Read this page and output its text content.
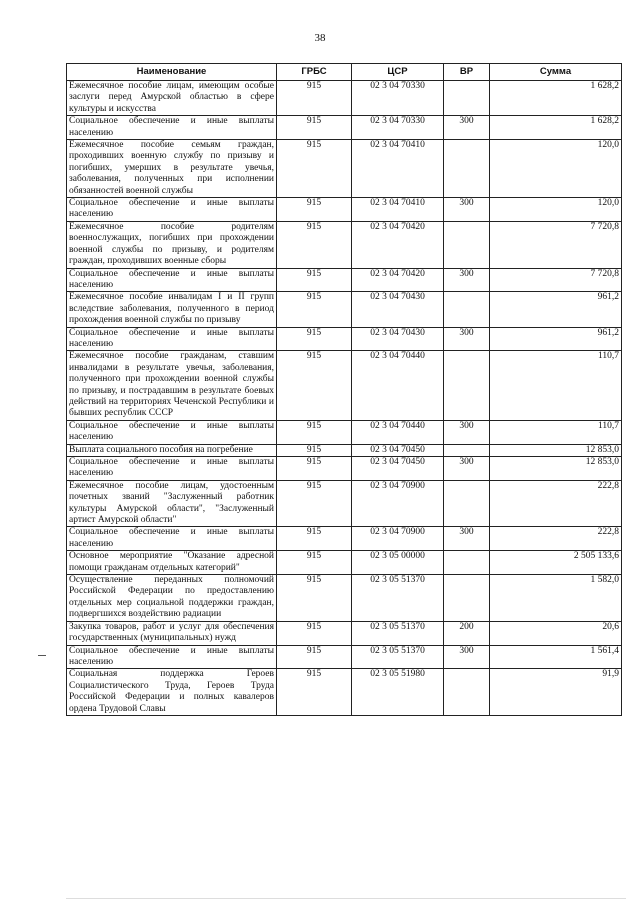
38
Наименование	ГРБС	ЦСР	ВР	Сумма
Ежемесячное пособие лицам, имеющим особые заслуги перед Амурской областью в сфере культуры и искусства	915	02 3 04 70330		1 628,2
Социальное обеспечение и иные выплаты населению	915	02 3 04 70330	300	1 628,2
Ежемесячное пособие семьям граждан, проходивших военную службу по призыву и погибших, умерших в результате увечья, заболевания, полученных при исполнении обязанностей военной службы	915	02 3 04 70410		120,0
Социальное обеспечение и иные выплаты населению	915	02 3 04 70410	300	120,0
Ежемесячное пособие родителям военнослужащих, погибших при прохождении военной службы по призыву, и родителям граждан, проходивших военные сборы	915	02 3 04 70420		7 720,8
Социальное обеспечение и иные выплаты населению	915	02 3 04 70420	300	7 720,8
Ежемесячное пособие инвалидам I и II групп вследствие заболевания, полученного в период прохождения военной службы по призыву	915	02 3 04 70430		961,2
Социальное обеспечение и иные выплаты населению	915	02 3 04 70430	300	961,2
Ежемесячное пособие гражданам, ставшим инвалидами в результате увечья, заболевания, полученного при прохождении военной службы по призыву, и пострадавшим в результате боевых действий на территориях Чеченской Республики и бывших республик СССР	915	02 3 04 70440		110,7
Социальное обеспечение и иные выплаты населению	915	02 3 04 70440	300	110,7
Выплата социального пособия на погребение	915	02 3 04 70450		12 853,0
Социальное обеспечение и иные выплаты населению	915	02 3 04 70450	300	12 853,0
Ежемесячное пособие лицам, удостоенным почетных званий "Заслуженный работник культуры Амурской области", "Заслуженный артист Амурской области"	915	02 3 04 70900		222,8
Социальное обеспечение и иные выплаты населению	915	02 3 04 70900	300	222,8
Основное мероприятие "Оказание адресной помощи гражданам отдельных категорий"	915	02 3 05 00000		2 505 133,6
Осуществление переданных полномочий Российской Федерации по предоставлению отдельных мер социальной поддержки граждан, подвергшихся воздействию радиации	915	02 3 05 51370		1 582,0
Закупка товаров, работ и услуг для обеспечения государственных (муниципальных) нужд	915	02 3 05 51370	200	20,6
Социальное обеспечение и иные выплаты населению	915	02 3 05 51370	300	1 561,4
Социальная поддержка Героев Социалистического Труда, Героев Труда Российской Федерации и полных кавалеров ордена Трудовой Славы	915	02 3 05 51980		91,9
